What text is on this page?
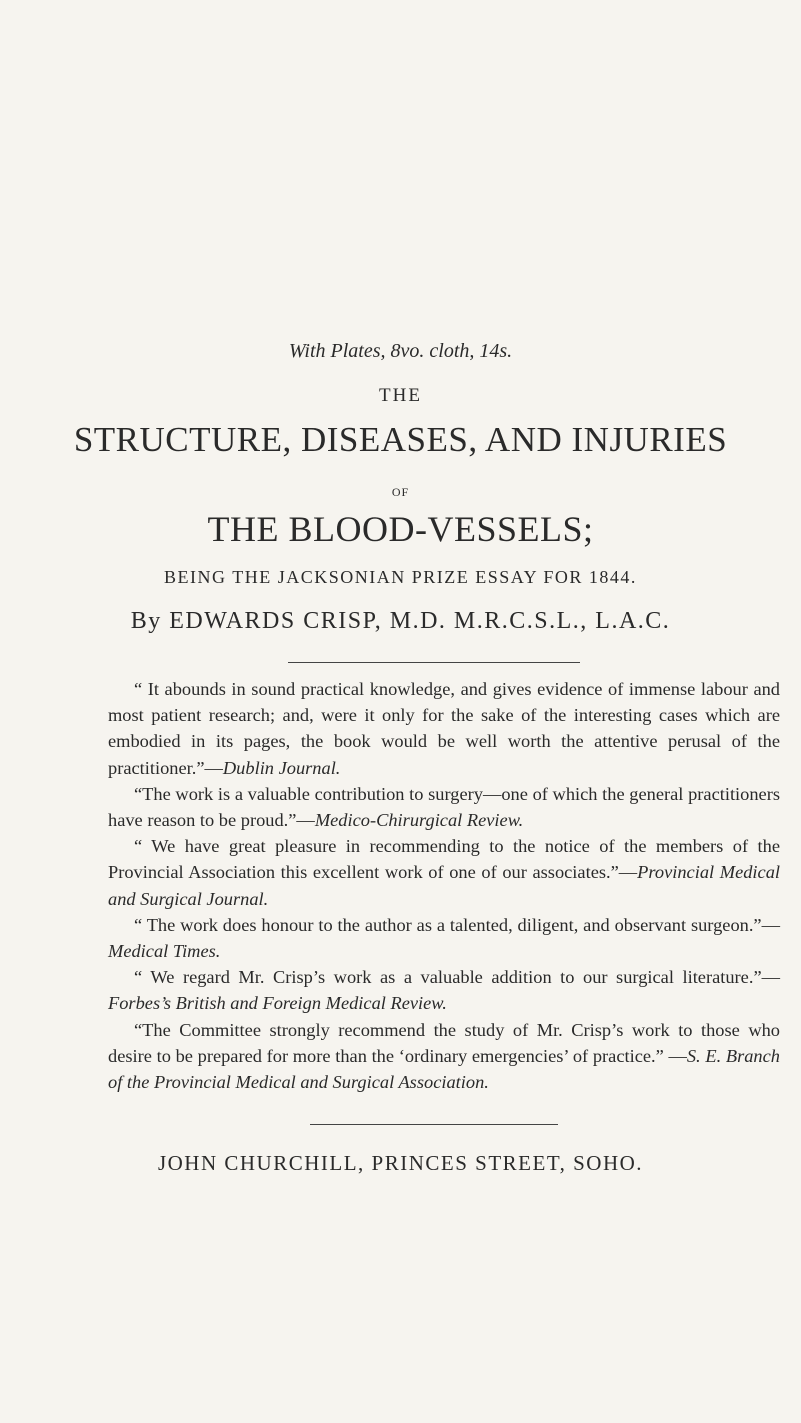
With Plates, 8vo. cloth, 14s.
THE
STRUCTURE, DISEASES, AND INJURIES
OF
THE BLOOD-VESSELS;
BEING THE JACKSONIAN PRIZE ESSAY FOR 1844.
By EDWARDS CRISP, M.D. M.R.C.S.L., L.A.C.

“ It abounds in sound practical knowledge, and gives evidence of immense labour and most patient research; and, were it only for the sake of the interesting cases which are embodied in its pages, the book would be well worth the attentive perusal of the practitioner.”—Dublin Journal.

“The work is a valuable contribution to surgery—one of which the general practitioners have reason to be proud.”—Medico-Chirurgical Review.

“ We have great pleasure in recommending to the notice of the members of the Provincial Association this excellent work of one of our associates.”—Provincial Medical and Surgical Journal.

“ The work does honour to the author as a talented, diligent, and observant surgeon.”—Medical Times.

“ We regard Mr. Crisp’s work as a valuable addition to our surgical literature.”—Forbes’s British and Foreign Medical Review.

“The Committee strongly recommend the study of Mr. Crisp’s work to those who desire to be prepared for more than the ‘ordinary emergencies’ of practice.” —S. E. Branch of the Provincial Medical and Surgical Association.

JOHN CHURCHILL, PRINCES STREET, SOHO.
